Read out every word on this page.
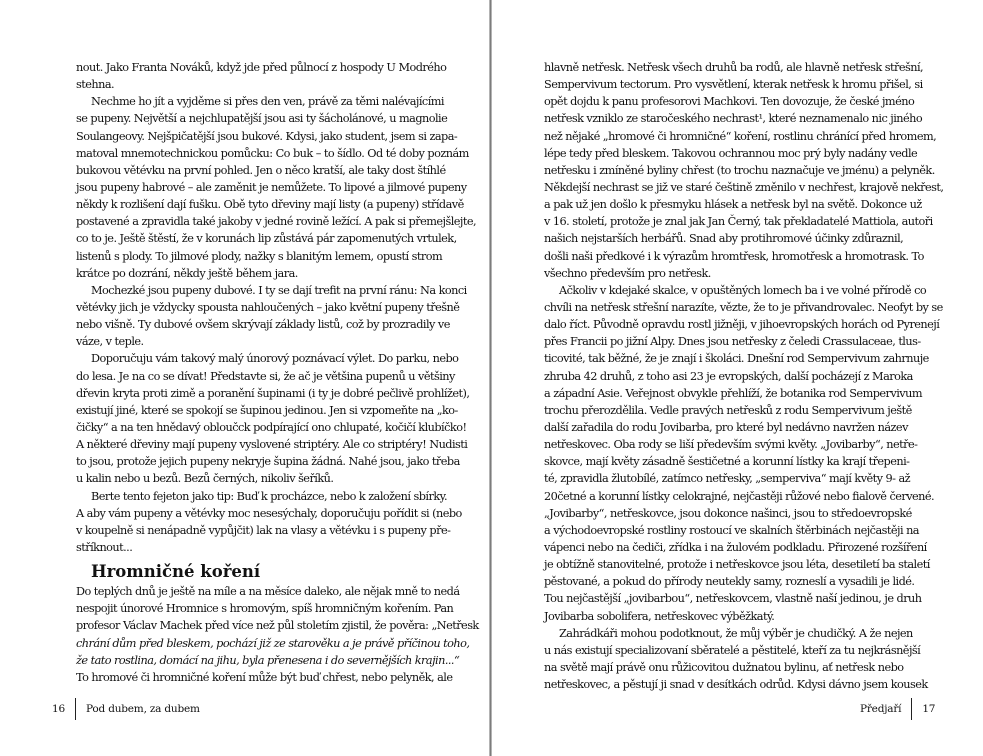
nout. Jako Franta Nováků, když jde před půlnocí z hospody U Modrého
stehna.
Nechme ho jít a vyjděme si přes den ven, právě za těmi nalévajícími
se pupeny. Největší a nejchlupatější jsou asi ty šácholánové, u magnolie
Soulangeovy. Nejšpičatější jsou bukové. Kdysi, jako student, jsem si zapa-
matoval mnemotechnickou pomůcku: Co buk – to šídlo. Od té doby poznám
bukovou větévku na první pohled. Jen o něco kratší, ale taky dost štíhlé
jsou pupeny habrové – ale zaměnit je nemůžete. To lipové a jilmové pupeny
někdy k rozlišení dají fušku. Obě tyto dřeviny mají listy (a pupeny) střídavě
postavené a zpravidla také jakoby v jedné rovině ležící. A pak si přemejšlejte,
co to je. Ještě štěstí, že v korunách lip zůstává pár zapomenutých vrtulek,
listenů s plody. To jilmové plody, nažky s blanitým lemem, opustí strom
krátce po dozrání, někdy ještě během jara.
Mochezké jsou pupeny dubové. I ty se dají trefit na první ránu: Na konci
větévky jich je vždycky spousta nahloučených – jako květní pupeny třešně
nebo višně. Ty dubové ovšem skrývají základy listů, což by prozradily ve
váze, v teple.
Doporučuju vám takový malý únorový poznávací výlet. Do parku, nebo
do lesa. Je na co se dívat! Představte si, že ač je většina pupenů u většiny
dřevin kryta proti zimě a poranění šupinami (i ty je dobré pečlivě prohlížet),
existují jiné, které se spokojí se šupinou jedinou. Jen si vzpomeňte na „ko-
čičky“ a na ten hnědavý obloučck podpírající ono chlupaté, kočičí klubíčko!
A některé dřeviny mají pupeny vyslovené striptéry. Ale co striptéry! Nudisti
to jsou, protože jejich pupeny nekryje šupina žádná. Nahé jsou, jako třeba
u kalin nebo u bezů. Bezů černých, nikoliv šeříků.
Berte tento fejeton jako tip: Buď k procházce, nebo k založení sbírky.
A aby vám pupeny a větévky moc nesesýchaly, doporučuju pořídit si (nebo
v koupelně si nenápadně vypůjčit) lak na vlasy a větévku i s pupeny pře-
stříknout...
Hromničné koření
Do teplých dnů je ještě na míle a na měsíce daleko, ale nějak mně to nedá
nespojit únorové Hromnice s hromovým, spíš hromničným kořením. Pan
profesor Václav Machek před více než půl stoletím zjistil, že pověra: „Netřesk
chrání dům před bleskem, pochází již ze starověku a je právě příčinou toho,
že tato rostlina, domácí na jihu, byla přenesena i do severnějších krajin...“
To hromové či hromničné koření může být buď chřest, nebo pelyněk, ale
16 Pod dubem, za dubem
hlavně netřesk. Netřesk všech druhů ba rodů, ale hlavně netřesk střešní,
Sempervivum tectorum. Pro vysvětlení, kterak netřesk k hromu přišel, si
opět dojdu k panu profesorovi Machkovi. Ten dovozuje, že české jméno
netřesk vzniklo ze staročeského nechrast¹, které neznamenalo nic jiného
než nějaké „hromové či hromničné“ koření, rostlinu chránící před hromem,
lépe tedy před bleskem. Takovou ochrannou moc prý byly nadány vedle
netřesku i zmíněné byliny chřest (to trochu naznačuje ve jménu) a pelyněk.
Někdejší nechrast se již ve staré češtině změnilo v nechřest, krajově nekřest,
a pak už jen došlo k přesmyku hlásek a netřesk byl na světě. Dokonce už
v 16. století, protože je znal jak Jan Černý, tak překladatelé Mattiola, autoři
našich nejstarších herbářů. Snad aby protihromové účinky zdůraznil,
došli naši předkové i k výrazům hromtřesk, hromotřesk a hromotrask. To
všechno především pro netřesk.
Ačkoliv v kdejaké skalce, v opuštěných lomech ba i ve volné přírodě co
chvíli na netřesk střešní narazíte, vězte, že to je přivandrovalec. Neofyt by se
dalo říct. Původně opravdu rostl jižněji, v jihoevropských horách od Pyrenejí
přes Francii po jižní Alpy. Dnes jsou netřesky z čeledi Crassulaceae, tlus-
ticovité, tak běžné, že je znají i školáci. Dnešní rod Sempervivum zahrnuje
zhruba 42 druhů, z toho asi 23 je evropských, další pocházejí z Maroka
a západní Asie. Veřejnost obvykle přehlíží, že botanika rod Sempervivum
trochu přerozdělila. Vedle pravých netřesků z rodu Sempervivum ještě
další zařadila do rodu Jovibarba, pro které byl nedávno navržen název
netřeskovec. Oba rody se liší především svými květy. „Jovibarby“, netře-
skovce, mají květy zásadně šestičetné a korunní lístky ka krají třepeni-
té, zpravidla žlutobílé, zatímco netřesky, „semperviva“ mají květy 9- až
20četné a korunní lístky celokrajné, nejčastěji růžové nebo fialově červené.
„Jovibarby“, netřeskovce, jsou dokonce našinci, jsou to středoevropské
a východoevropské rostliny rostoucí ve skalních štěrbinách nejčastěji na
vápenci nebo na čediči, zřídka i na žulovém podkladu. Přirozené rozšíření
je obtížně stanovitelné, protože i netřeskovce jsou léta, desetiletí ba staletí
pěstované, a pokud do přírody neutekly samy, rozneslí a vysadili je lidé.
Tou nejčastější „jovibarbou“, netřeskovcem, vlastně naší jedinou, je druh
Jovibarba sobolifera, netřeskovec výběžkatý.
Zahrádkáři mohou podotknout, že můj výběr je chudičký. A že nejen
u nás existují specializovaní sběratelé a pěstitelé, kteří za tu nejkrásnější
na světě mají právě onu růžicovitou dužnatou bylinu, ať netřesk nebo
netřeskovec, a pěstují ji snad v desítkách odrůd. Kdysi dávno jsem kousek
Předjaří 17
